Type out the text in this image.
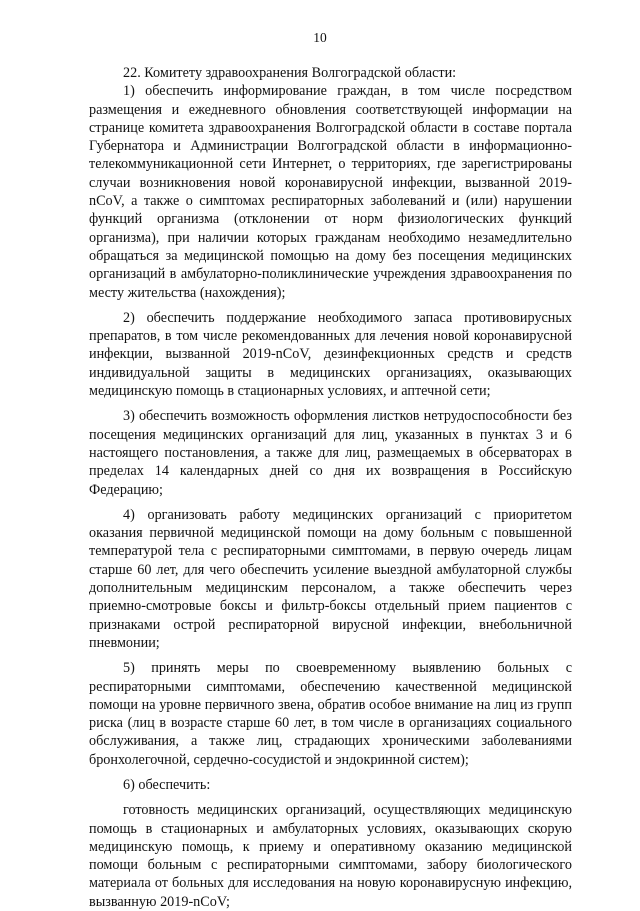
10

22. Комитету здравоохранения Волгоградской области:

1) обеспечить информирование граждан, в том числе посредством размещения и ежедневного обновления соответствующей информации на странице комитета здравоохранения Волгоградской области в составе портала Губернатора и Администрации Волгоградской области в информационно-телекоммуникационной сети Интернет, о территориях, где зарегистрированы случаи возникновения новой коронавирусной инфекции, вызванной 2019-nCoV, а также о симптомах респираторных заболеваний и (или) нарушении функций организма (отклонении от норм физиологических функций организма), при наличии которых гражданам необходимо незамедлительно обращаться за медицинской помощью на дому без посещения медицинских организаций в амбулаторно-поликлинические учреждения здравоохранения по месту жительства (нахождения);

2) обеспечить поддержание необходимого запаса противовирусных препаратов, в том числе рекомендованных для лечения новой коронавирусной инфекции, вызванной 2019-nCoV, дезинфекционных средств и средств индивидуальной защиты в медицинских организациях, оказывающих медицинскую помощь в стационарных условиях, и аптечной сети;

3) обеспечить возможность оформления листков нетрудоспособности без посещения медицинских организаций для лиц, указанных в пунктах 3 и 6 настоящего постановления, а также для лиц, размещаемых в обсерваторах в пределах 14 календарных дней со дня их возвращения в Российскую Федерацию;

4) организовать работу медицинских организаций с приоритетом оказания первичной медицинской помощи на дому больным с повышенной температурой тела с респираторными симптомами, в первую очередь лицам старше 60 лет, для чего обеспечить усиление выездной амбулаторной службы дополнительным медицинским персоналом, а также обеспечить через приемно-смотровые боксы и фильтр-боксы отдельный прием пациентов с признаками острой респираторной вирусной инфекции, внебольничной пневмонии;

5) принять меры по своевременному выявлению больных с респираторными симптомами, обеспечению качественной медицинской помощи на уровне первичного звена, обратив особое внимание на лиц из групп риска (лиц в возрасте старше 60 лет, в том числе в организациях социального обслуживания, а также лиц, страдающих хроническими заболеваниями бронхолегочной, сердечно-сосудистой и эндокринной систем);

6) обеспечить:

готовность медицинских организаций, осуществляющих медицинскую помощь в стационарных и амбулаторных условиях, оказывающих скорую медицинскую помощь, к приему и оперативному оказанию медицинской помощи больным с респираторными симптомами, забору биологического материала от больных для исследования на новую коронавирусную инфекцию, вызванную 2019-nCoV;
